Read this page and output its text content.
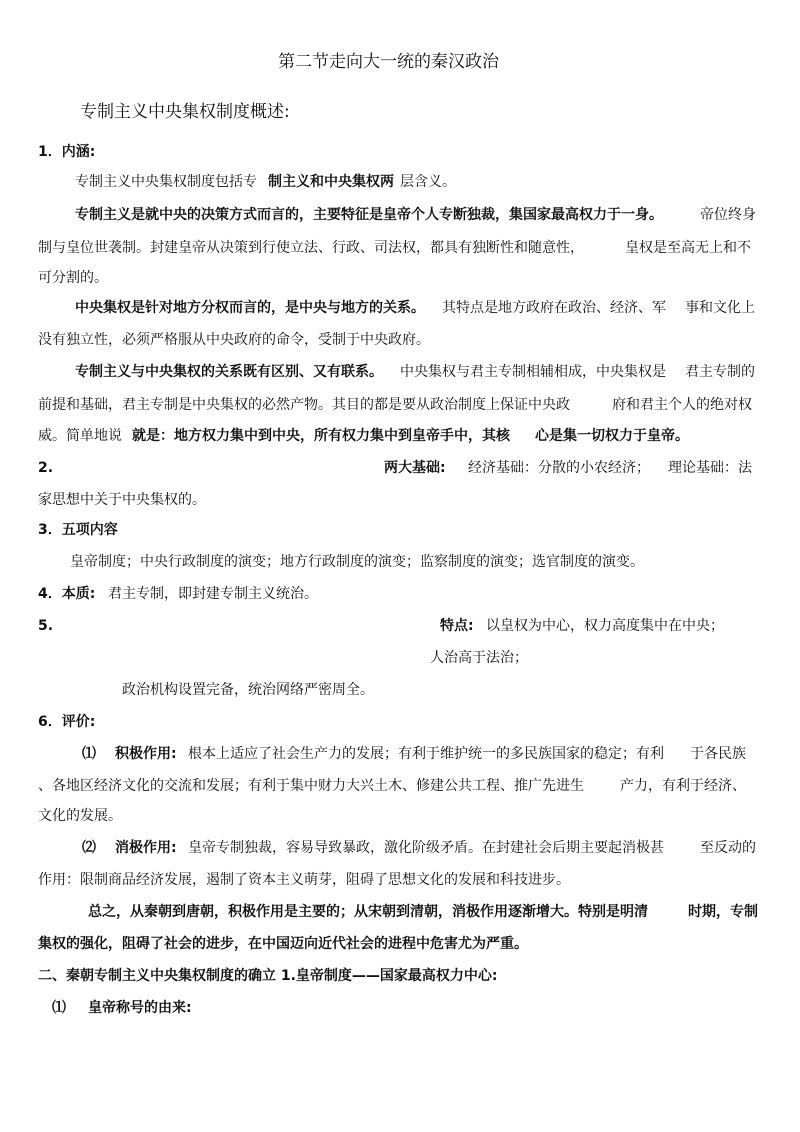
第二节走向大一统的秦汉政治
专制主义中央集权制度概述:
1．内涵:
专制主义中央集权制度包括专 制主义和中央集权两 层含义。
专制主义是就中央的决策方式而言的，主要特征是皇帝个人专断独裁，集国家最高权力于一身。	帝位终身
制与皇位世袭制。封建皇帝从决策到行使立法、行政、司法权，都具有独断性和随意性，	皇权是至高无上和不
可分割的。
中央集权是针对地方分权而言的，是中央与地方的关系。 其特点是地方政府在政治、经济、军 事和文化上
没有独立性，必须严格服从中央政府的命令，受制于中央政府。
专制主义与中央集权的关系既有区别、又有联系。 中央集权与君主专制相辅相成，中央集权是 君主专制的
前提和基础，君主专制是中央集权的必然产物。其目的都是要从政治制度上保证中央政	府和君主个人的绝对权
威。简单地说 就是：地方权力集中到中央，所有权力集中到皇帝手中，其核 心是集一切权力于皇帝。
2.	两大基础: 经济基础：分散的小农经济； 理论基础：法
家思想中关于中央集权的。
3．五项内容
皇帝制度；中央行政制度的演变；地方行政制度的演变；监察制度的演变；选官制度的演变。
4．本质: 君主专制，即封建专制主义统治。
5.	特点: 以皇权为中心，权力高度集中在中央；
人治高于法治；
政治机构设置完备，统治网络严密周全。
6．评价:
⑴ 积极作用: 根本上适应了社会生产力的发展；有利于维护统一的多民族国家的稳定；有利 于各民族
、各地区经济文化的交流和发展；有利于集中财力大兴土木、修建公共工程、推广先进生	产力，有利于经济、
文化的发展。
⑵ 消极作用: 皇帝专制独裁，容易导致暴政，激化阶级矛盾。在封建社会后期主要起消极甚	至反动的
作用：限制商品经济发展，遏制了资本主义萌芽，阻碍了思想文化的发展和科技进步。
总之，从秦朝到唐朝，积极作用是主要的；从宋朝到清朝，消极作用逐渐增大。特别是明清	时期，专制
集权的强化，阻碍了社会的进步，在中国迈向近代社会的进程中危害尤为严重。
二、秦朝专制主义中央集权制度的确立 1.皇帝制度——国家最高权力中心:
⑴ 皇帝称号的由来:
